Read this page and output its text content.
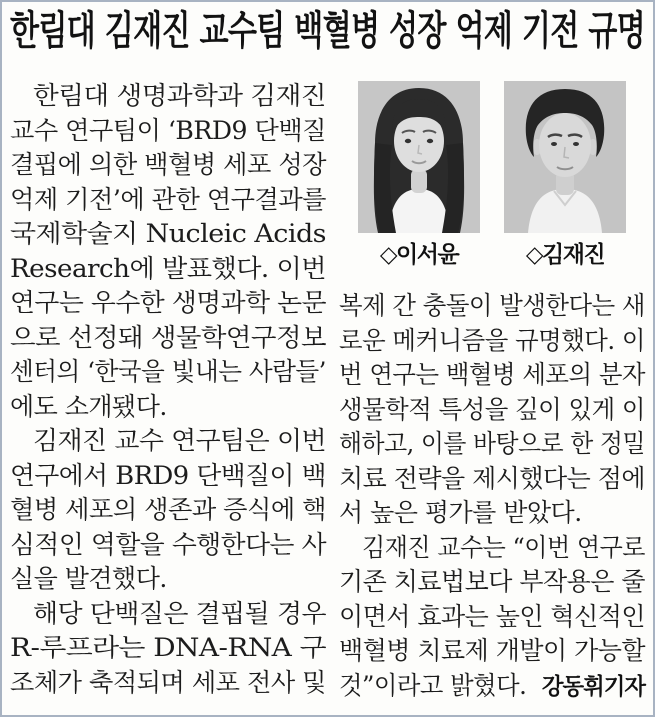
한림대 김재진 교수팀 백혈병 성장 억제 기전 규명
한림대 생명과학과 김재진
교수 연구팀이 ‘BRD9 단백질
결핍에 의한 백혈병 세포 성장
억제 기전’에 관한 연구결과를
국제학술지 Nucleic Acids
Research에 발표했다. 이번
연구는 우수한 생명과학 논문
으로 선정돼 생물학연구정보
센터의 ‘한국을 빛내는 사람들’
에도 소개됐다.
김재진 교수 연구팀은 이번
연구에서 BRD9 단백질이 백
혈병 세포의 생존과 증식에 핵
심적인 역할을 수행한다는 사
실을 발견했다.
해당 단백질은 결핍될 경우
R-루프라는 DNA-RNA 구
조체가 축적되며 세포 전사 및
◇이서윤	◇김재진
복제 간 충돌이 발생한다는 새
로운 메커니즘을 규명했다. 이
번 연구는 백혈병 세포의 분자
생물학적 특성을 깊이 있게 이
해하고, 이를 바탕으로 한 정밀
치료 전략을 제시했다는 점에
서 높은 평가를 받았다.
김재진 교수는 “이번 연구로
기존 치료법보다 부작용은 줄
이면서 효과는 높인 혁신적인
백혈병 치료제 개발이 가능할
것”이라고 밝혔다. 강동휘기자
